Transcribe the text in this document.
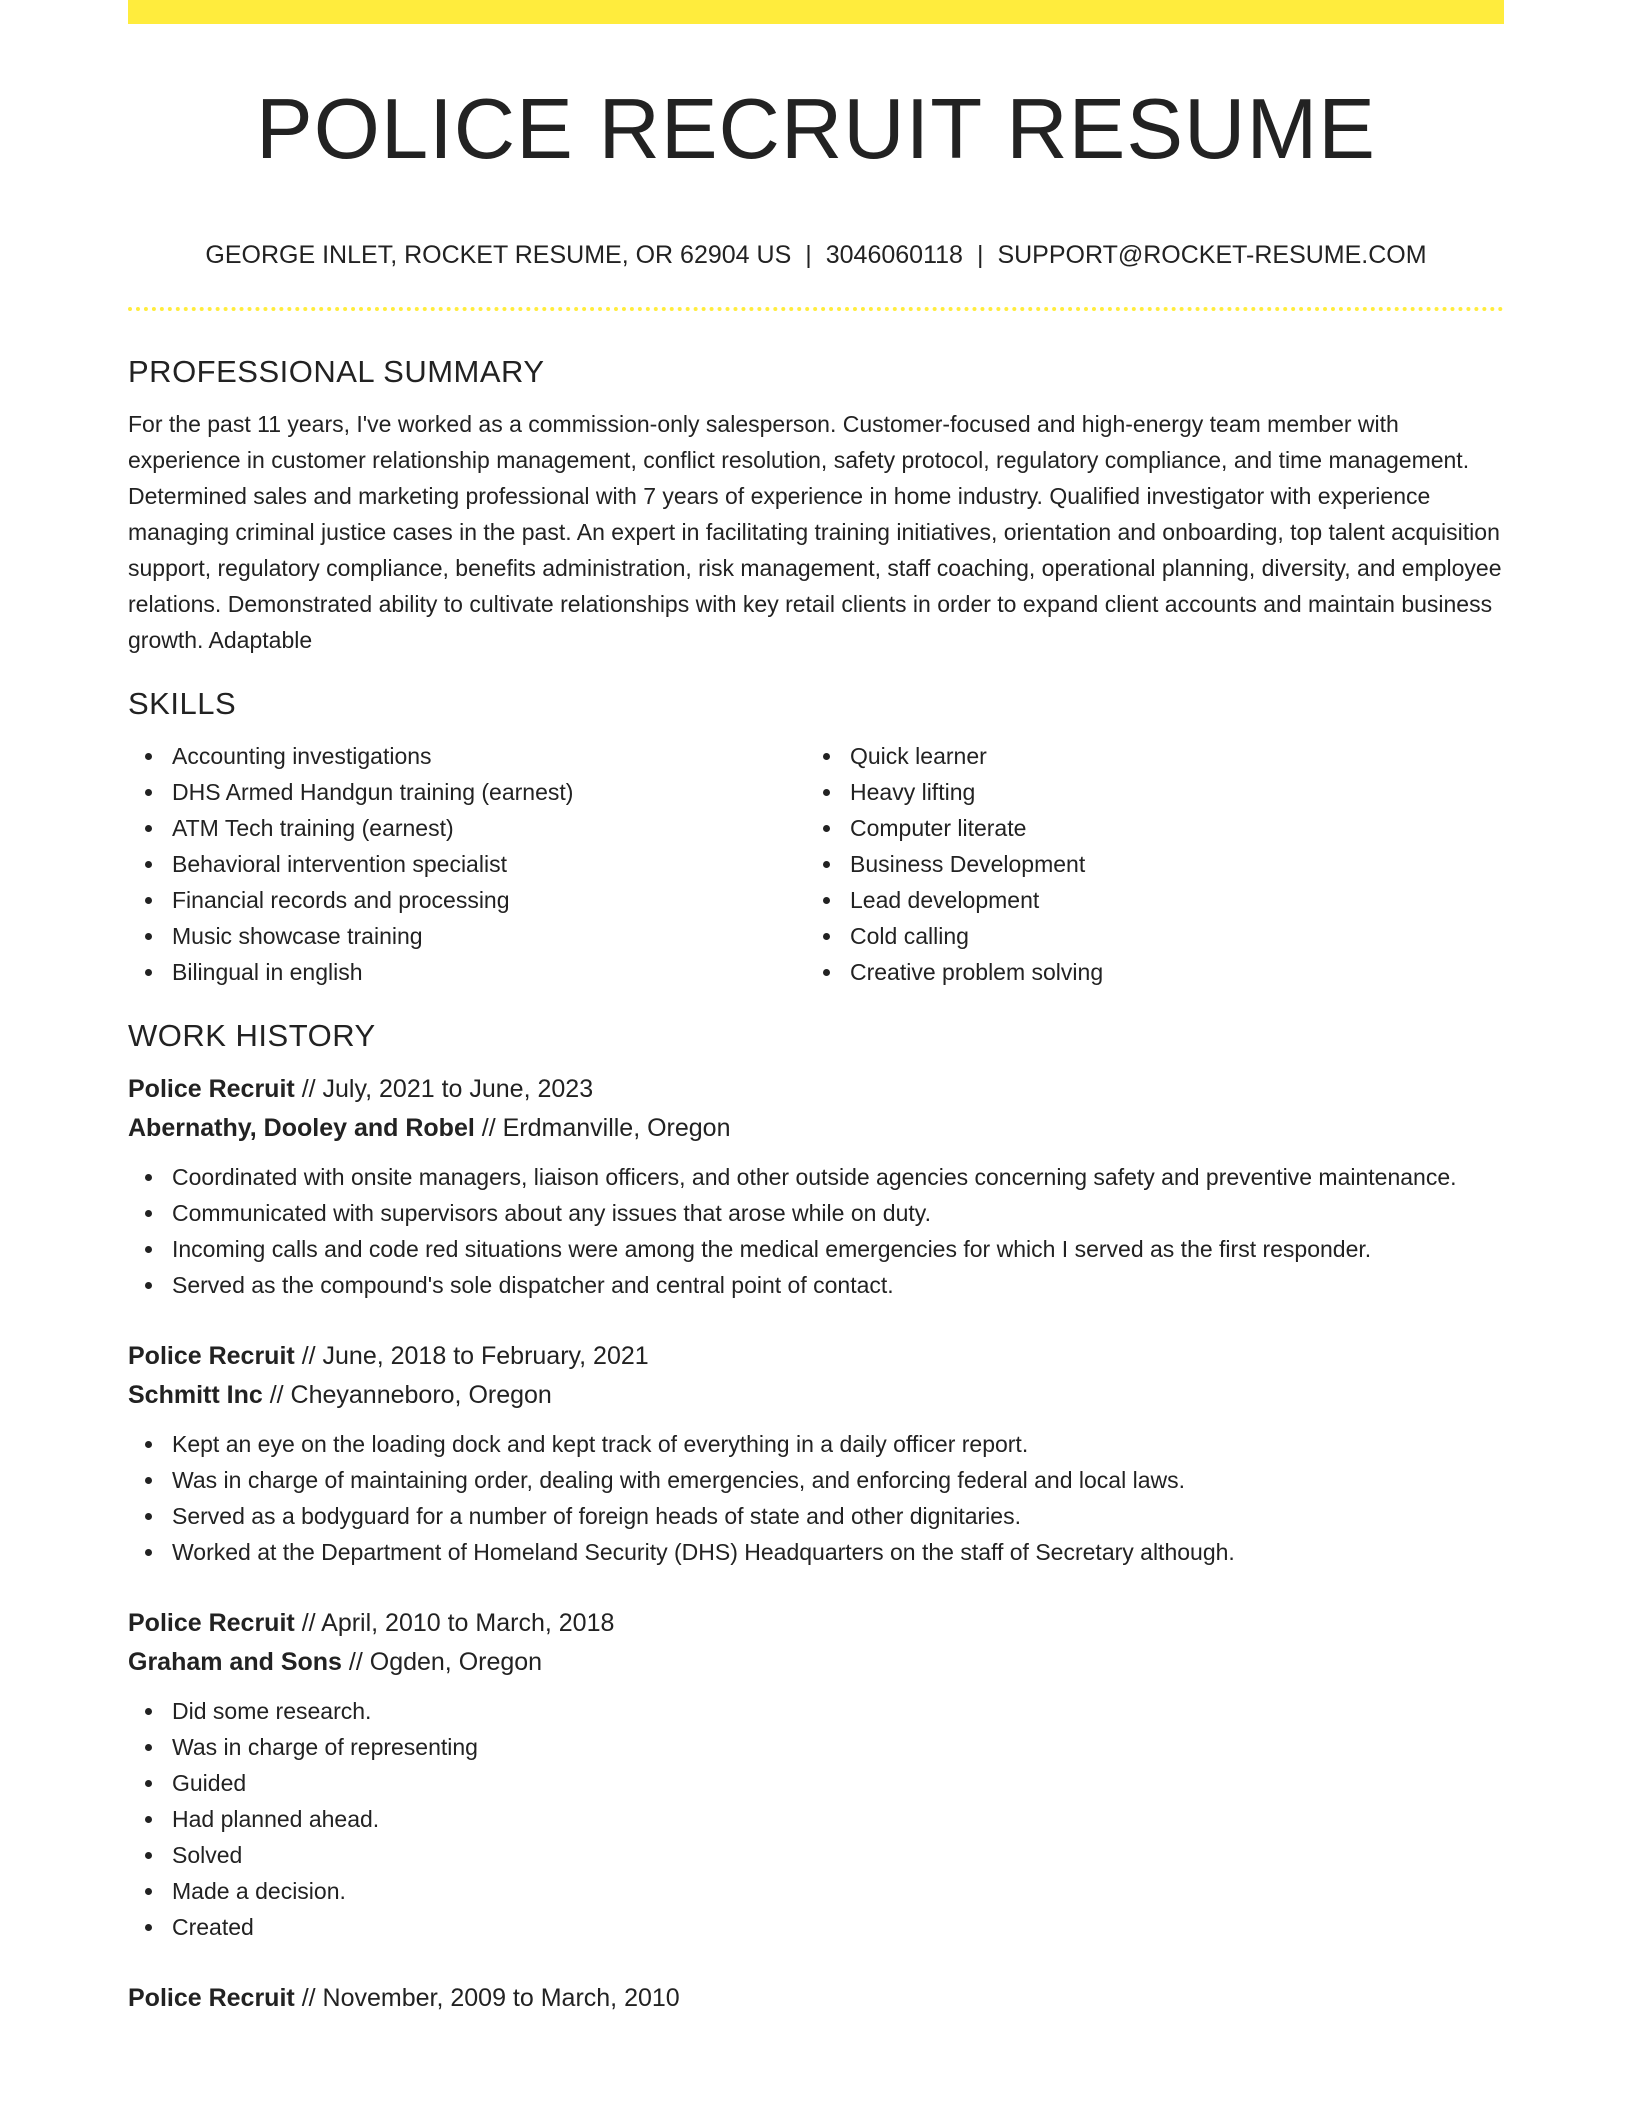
POLICE RECRUIT RESUME
GEORGE INLET, ROCKET RESUME, OR 62904 US | 3046060118 | SUPPORT@ROCKET-RESUME.COM
PROFESSIONAL SUMMARY

For the past 11 years, I've worked as a commission-only salesperson. Customer-focused and high-energy team member with experience in customer relationship management, conflict resolution, safety protocol, regulatory compliance, and time management. Determined sales and marketing professional with 7 years of experience in home industry. Qualified investigator with experience managing criminal justice cases in the past. An expert in facilitating training initiatives, orientation and onboarding, top talent acquisition support, regulatory compliance, benefits administration, risk management, staff coaching, operational planning, diversity, and employee relations. Demonstrated ability to cultivate relationships with key retail clients in order to expand client accounts and maintain business growth. Adaptable

SKILLS
Accounting investigations
DHS Armed Handgun training (earnest)
ATM Tech training (earnest)
Behavioral intervention specialist
Financial records and processing
Music showcase training
Bilingual in english
Quick learner
Heavy lifting
Computer literate
Business Development
Lead development
Cold calling
Creative problem solving
WORK HISTORY
Police Recruit // July, 2021 to June, 2023
Abernathy, Dooley and Robel // Erdmanville, Oregon
Coordinated with onsite managers, liaison officers, and other outside agencies concerning safety and preventive maintenance.
Communicated with supervisors about any issues that arose while on duty.
Incoming calls and code red situations were among the medical emergencies for which I served as the first responder.
Served as the compound's sole dispatcher and central point of contact.
Police Recruit // June, 2018 to February, 2021
Schmitt Inc // Cheyanneboro, Oregon
Kept an eye on the loading dock and kept track of everything in a daily officer report.
Was in charge of maintaining order, dealing with emergencies, and enforcing federal and local laws.
Served as a bodyguard for a number of foreign heads of state and other dignitaries.
Worked at the Department of Homeland Security (DHS) Headquarters on the staff of Secretary although.
Police Recruit // April, 2010 to March, 2018
Graham and Sons // Ogden, Oregon
Did some research.
Was in charge of representing
Guided
Had planned ahead.
Solved
Made a decision.
Created
Police Recruit // November, 2009 to March, 2010
